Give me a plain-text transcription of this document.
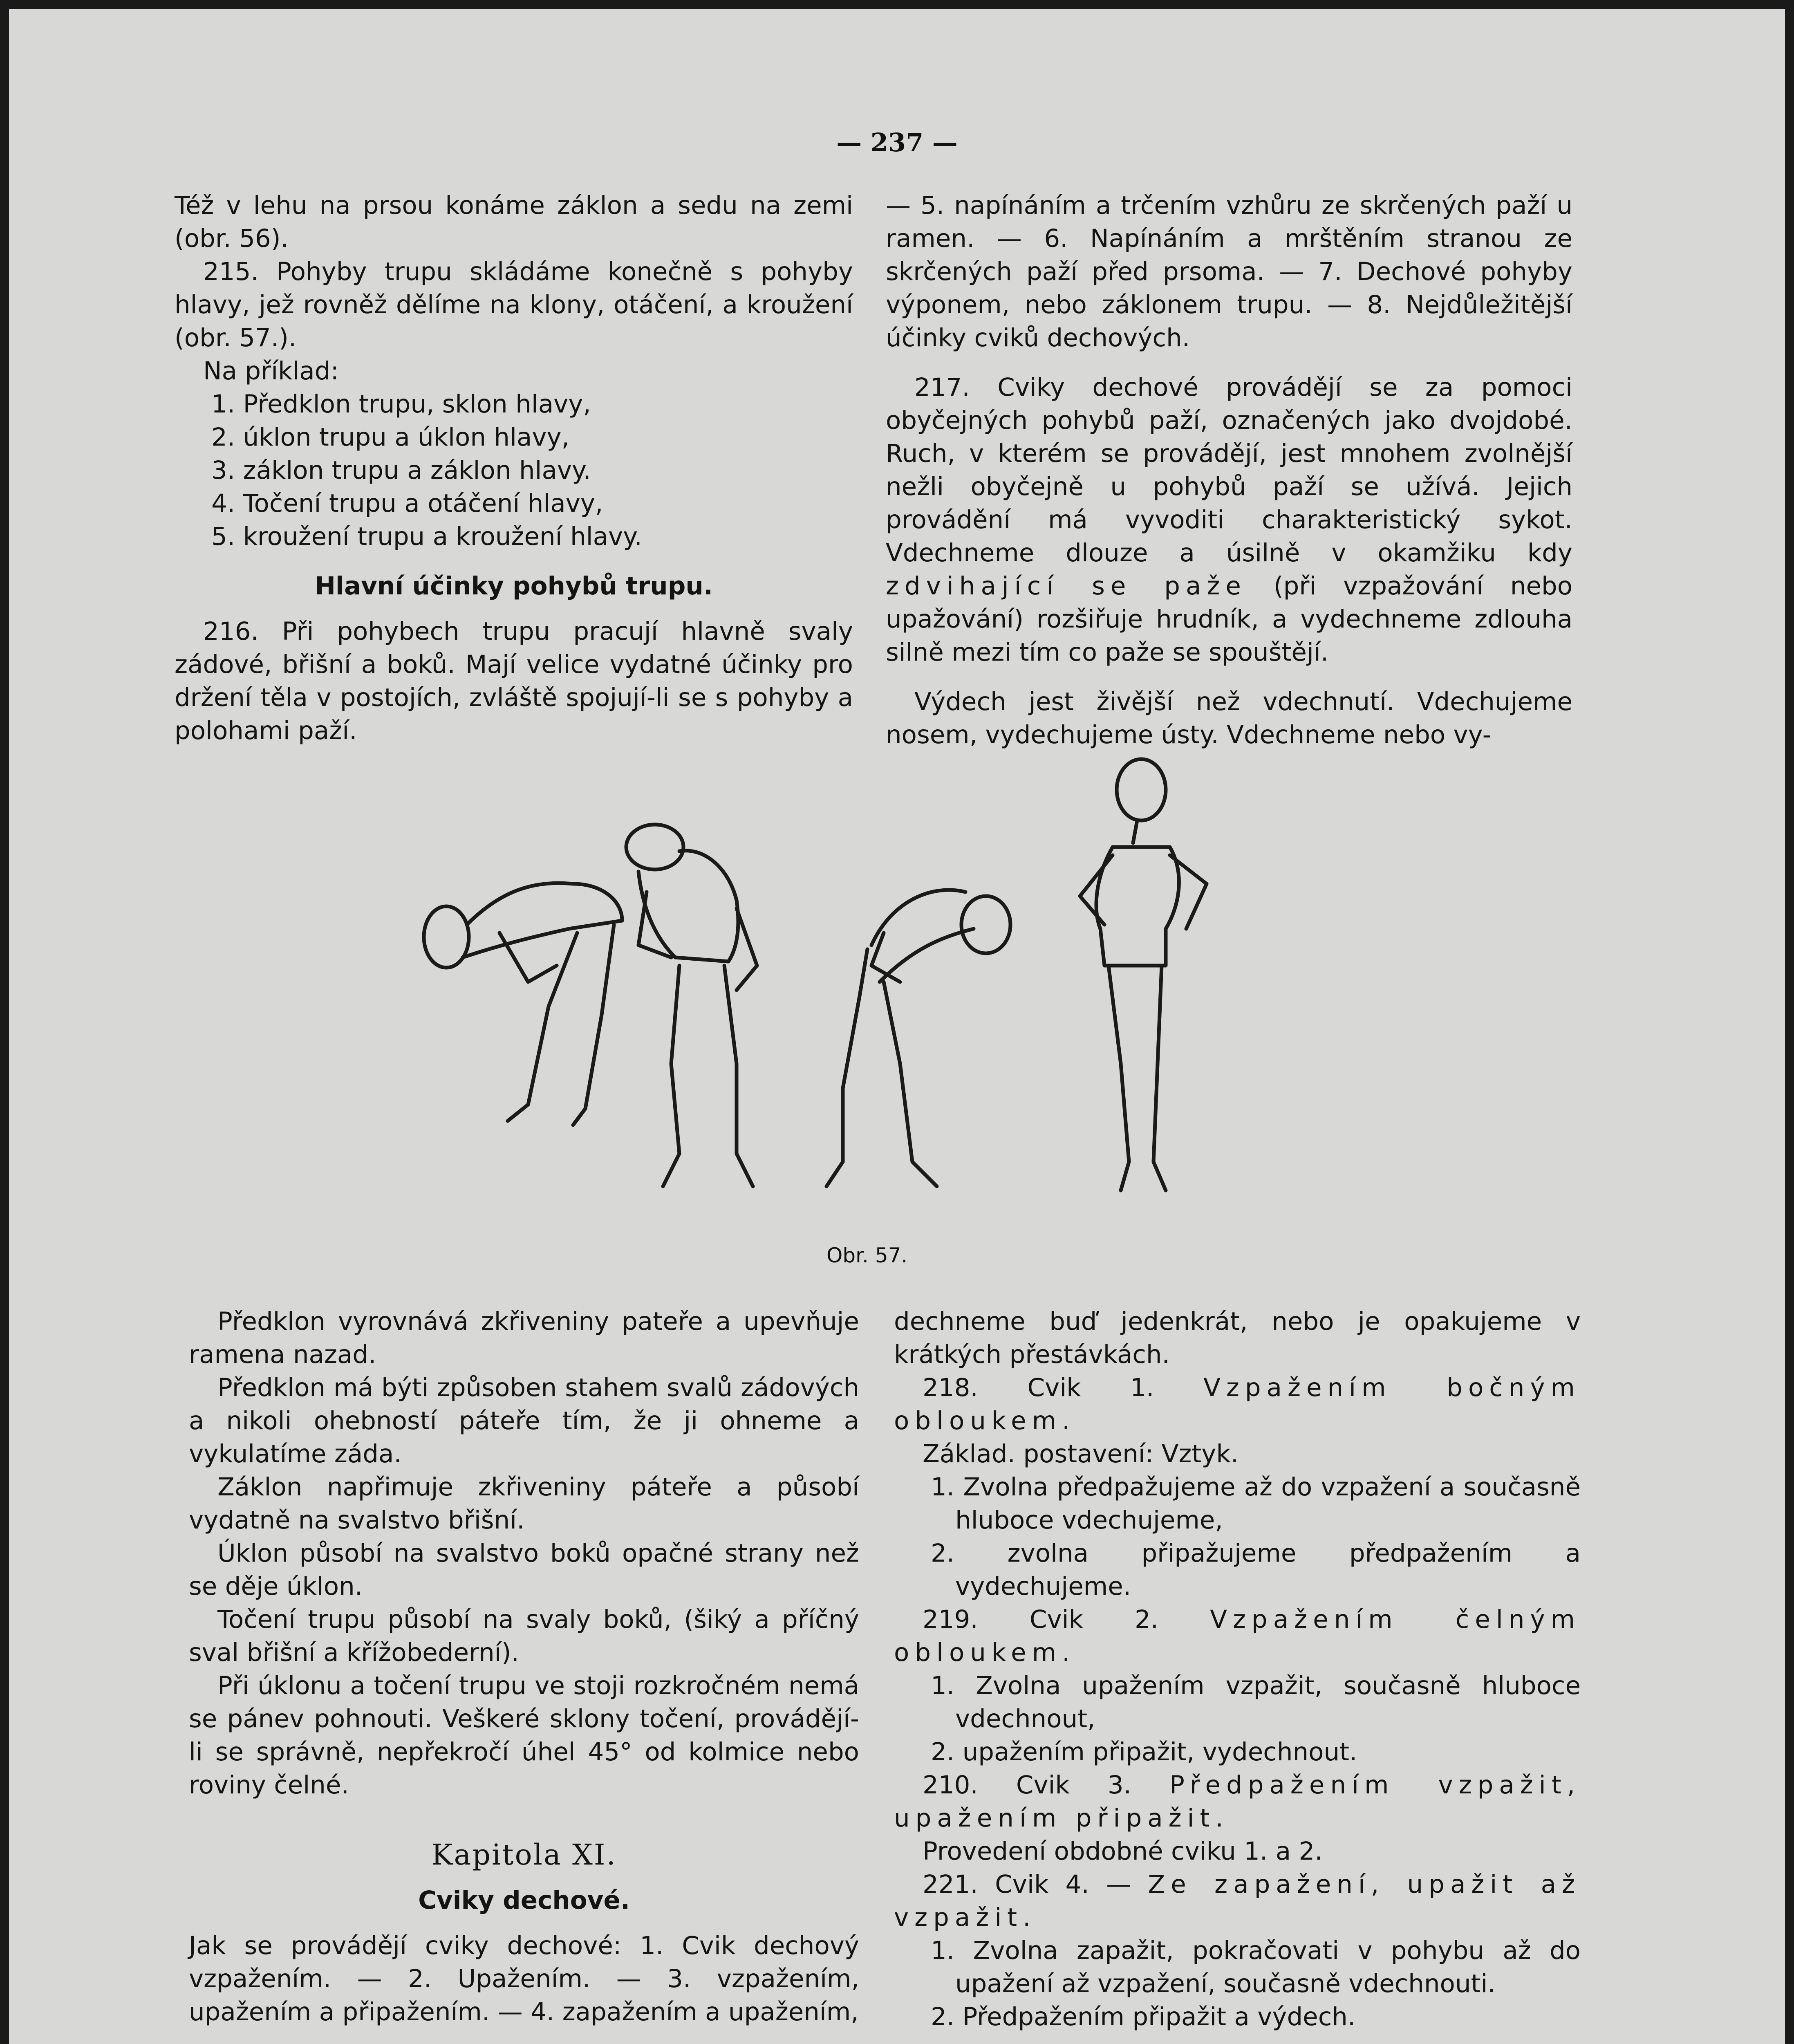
— 237 —

Též v lehu na prsou konáme záklon a sedu na zemi (obr. 56).

215. Pohyby trupu skládáme konečně s pohyby hlavy, jež rovněž dělíme na klony, otáčení, a kroužení (obr. 57.).

Na příklad:

1. Předklon trupu, sklon hlavy,

2. úklon trupu a úklon hlavy,

3. záklon trupu a záklon hlavy.

4. Točení trupu a otáčení hlavy,

5. kroužení trupu a kroužení hlavy.

Hlavní účinky pohybů trupu.

216. Při pohybech trupu pracují hlavně svaly zádové, břišní a boků. Mají velice vydatné účinky pro držení těla v postojích, zvláště spojují-li se s pohyby a polohami paží.

— 5. napínáním a trčením vzhůru ze skrčených paží u ramen. — 6. Napínáním a mrštěním stranou ze skrčených paží před prsoma. — 7. Dechové pohyby výponem, nebo záklonem trupu. — 8. Nejdůležitější účinky cviků dechových.

217. Cviky dechové provádějí se za pomoci obyčejných pohybů paží, označených jako dvojdobé. Ruch, v kterém se provádějí, jest mnohem zvolnější nežli obyčejně u pohybů paží se užívá. Jejich provádění má vyvoditi charakteristický sykot. Vdechneme dlouze a úsilně v okamžiku kdy zdvihající se paže (při vzpažování nebo upažování) rozšiřuje hrudník, a vydechneme zdlouha silně mezi tím co paže se spouštějí.

Výdech jest živější než vdechnutí. Vdechujeme nosem, vydechujeme ústy. Vdechneme nebo vy-

Obr. 57.

Předklon vyrovnává zkřiveniny pateře a upevňuje ramena nazad.

Předklon má býti způsoben stahem svalů zádových a nikoli ohebností páteře tím, že ji ohneme a vykulatíme záda.

Záklon napřimuje zkřiveniny páteře a působí vydatně na svalstvo břišní.

Úklon působí na svalstvo boků opačné strany než se děje úklon.

Točení trupu působí na svaly boků, (šiký a příčný sval břišní a křížobederní).

Při úklonu a točení trupu ve stoji rozkročném nemá se pánev pohnouti. Veškeré sklony točení, provádějí-li se správně, nepřekročí úhel 45° od kolmice nebo roviny čelné.

Kapitola XI.

Cviky dechové.

Jak se provádějí cviky dechové: 1. Cvik dechový vzpažením. — 2. Upažením. — 3. vzpažením, upažením a připažením. — 4. zapažením a upažením,

dechneme buď jedenkrát, nebo je opakujeme v krátkých přestávkách.

218. Cvik 1. Vzpažením bočným obloukem.

Základ. postavení: Vztyk.

1. Zvolna předpažujeme až do vzpažení a současně hluboce vdechujeme,

2. zvolna připažujeme předpažením a vydechujeme.

219. Cvik 2. Vzpažením čelným obloukem.

1. Zvolna upažením vzpažit, současně hluboce vdechnout,

2. upažením připažit, vydechnout.

210. Cvik 3. Předpažením vzpažit, upažením připažit.

Provedení obdobné cviku 1. a 2.

221. Cvik 4. — Ze zapažení, upažit až vzpažit.

1. Zvolna zapažit, pokračovati v pohybu až do upažení až vzpažení, současně vdechnouti.

2. Předpažením připažit a výdech.
